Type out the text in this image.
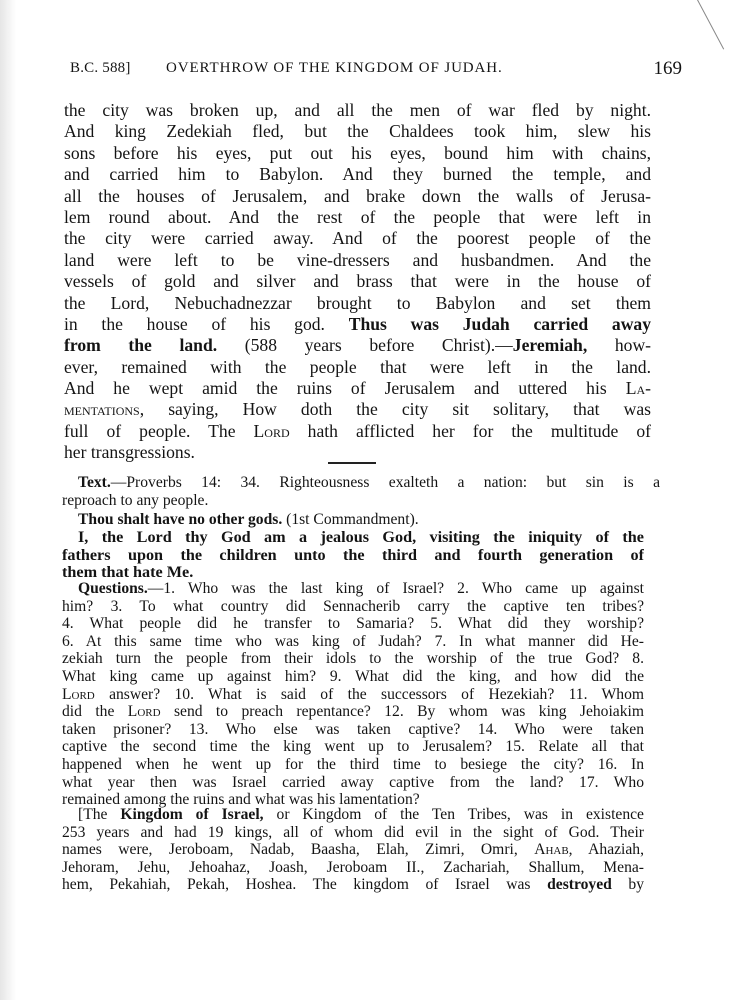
B.C. 588] OVERTHROW OF THE KINGDOM OF JUDAH.	169
the city was broken up, and all the men of war fled by night.
And king Zedekiah fled, but the Chaldees took him, slew his
sons before his eyes, put out his eyes, bound him with chains,
and carried him to Babylon. And they burned the temple, and
all the houses of Jerusalem, and brake down the walls of Jerusa-
lem round about. And the rest of the people that were left in
the city were carried away. And of the poorest people of the
land were left to be vine-dressers and husbandmen. And the
vessels of gold and silver and brass that were in the house of
the Lord, Nebuchadnezzar brought to Babylon and set them
in the house of his god. Thus was Judah carried away
from the land. (588 years before Christ).—Jeremiah, how-
ever, remained with the people that were left in the land.
And he wept amid the ruins of Jerusalem and uttered his La-
mentations, saying, How doth the city sit solitary, that was
full of people. The Lord hath afflicted her for the multitude of
her transgressions.
Text.—Proverbs 14: 34. Righteousness exalteth a nation: but sin is a
reproach to any people.
Thou shalt have no other gods. (1st Commandment).
I, the Lord thy God am a jealous God, visiting the iniquity of the
fathers upon the children unto the third and fourth generation of
them that hate Me.
Questions.—1. Who was the last king of Israel? 2. Who came up against
him? 3. To what country did Sennacherib carry the captive ten tribes?
4. What people did he transfer to Samaria? 5. What did they worship?
6. At this same time who was king of Judah? 7. In what manner did He-
zekiah turn the people from their idols to the worship of the true God? 8.
What king came up against him? 9. What did the king, and how did the
Lord answer? 10. What is said of the successors of Hezekiah? 11. Whom
did the Lord send to preach repentance? 12. By whom was king Jehoiakim
taken prisoner? 13. Who else was taken captive? 14. Who were taken
captive the second time the king went up to Jerusalem? 15. Relate all that
happened when he went up for the third time to besiege the city? 16. In
what year then was Israel carried away captive from the land? 17. Who
remained among the ruins and what was his lamentation?
[The Kingdom of Israel, or Kingdom of the Ten Tribes, was in existence
253 years and had 19 kings, all of whom did evil in the sight of God. Their
names were, Jeroboam, Nadab, Baasha, Elah, Zimri, Omri, Ahab, Ahaziah,
Jehoram, Jehu, Jehoahaz, Joash, Jeroboam II., Zachariah, Shallum, Mena-
hem, Pekahiah, Pekah, Hoshea. The kingdom of Israel was destroyed by
